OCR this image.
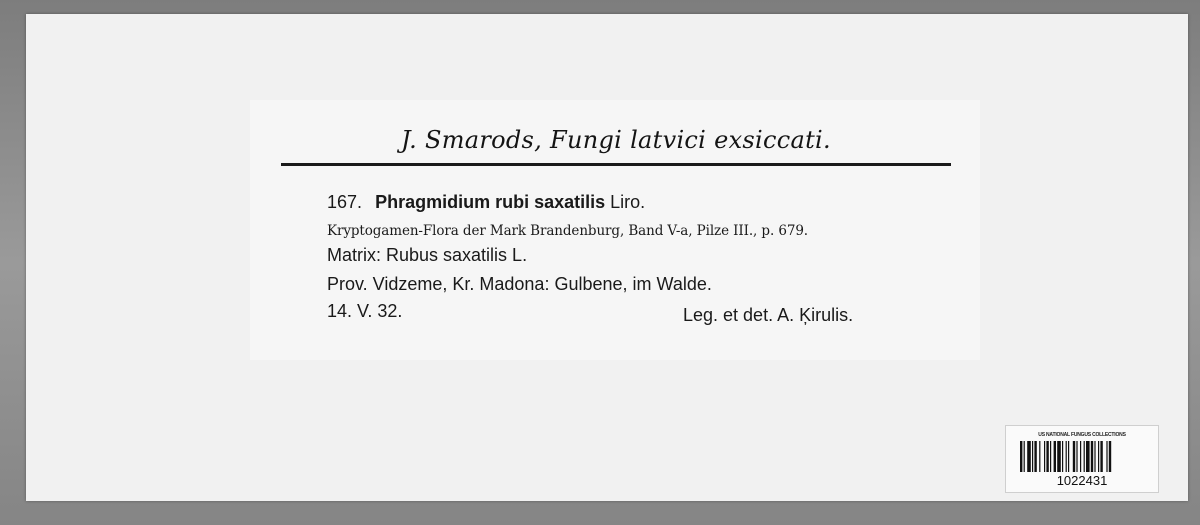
J. Smarods, Fungi latvici exsiccati.
167. Phragmidium rubi saxatilis Liro.
Kryptogamen-Flora der Mark Brandenburg, Band V-a, Pilze III., p. 679.
Matrix: Rubus saxatilis L.
Prov. Vidzeme, Kr. Madona: Gulbene, im Walde.
14. V. 32.	Leg. et det. A. Ķirulis.
US NATIONAL FUNGUS COLLECTIONS
1022431
